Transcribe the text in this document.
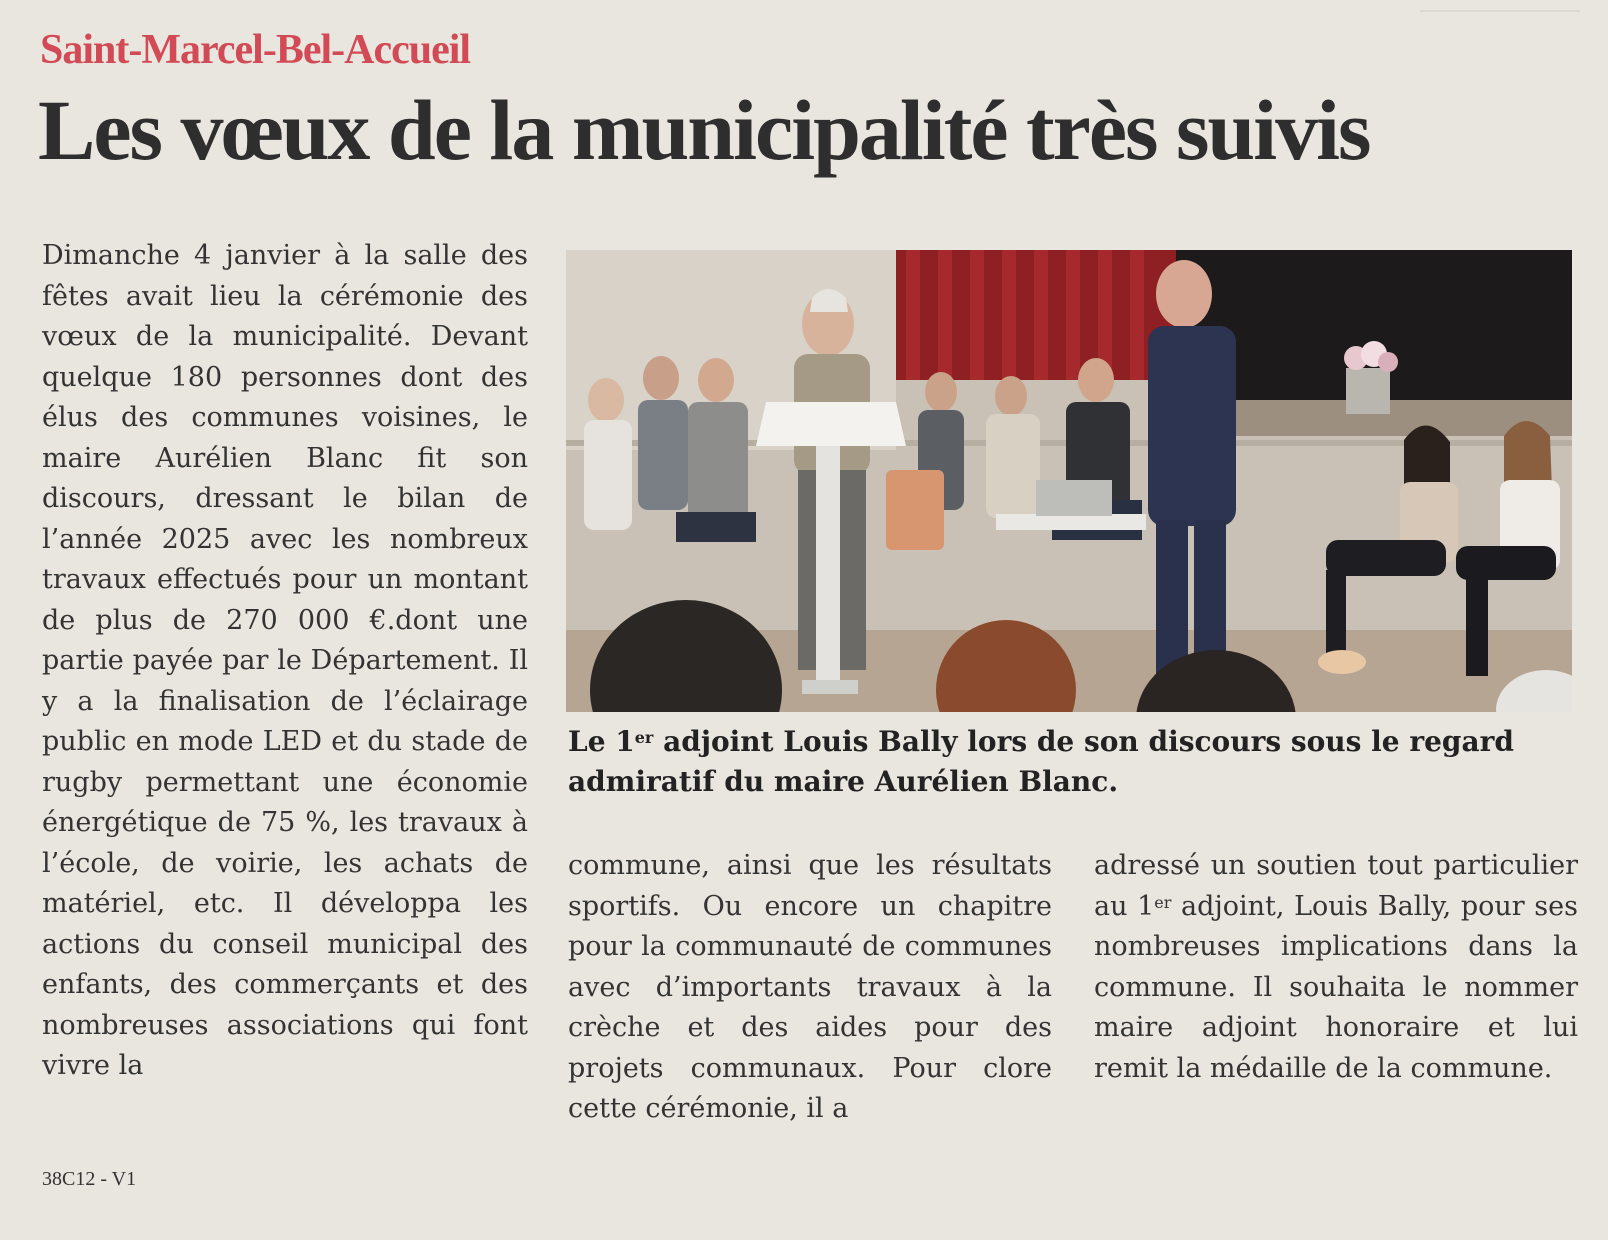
Saint-Marcel-Bel-Accueil
Les vœux de la municipalité très suivis

Dimanche 4 janvier à la salle des fêtes avait lieu la cérémonie des vœux de la municipalité. Devant quelque 180 personnes dont des élus des communes voisines, le maire Aurélien Blanc fit son discours, dressant le bilan de l’année 2025 avec les nombreux travaux effectués pour un montant de plus de 270 000 €.dont une partie payée par le Département. Il y a la finalisation de l’éclairage public en mode LED et du stade de rugby permettant une économie énergétique de 75 %, les travaux à l’école, de voirie, les achats de matériel, etc. Il développa les actions du conseil municipal des enfants, des commerçants et des nombreuses associations qui font vivre la

Le 1er adjoint Louis Bally lors de son discours sous le regard admiratif du maire Aurélien Blanc.

commune, ainsi que les résultats sportifs. Ou encore un chapitre pour la communauté de communes avec d’importants travaux à la crèche et des aides pour des projets communaux. Pour clore cette cérémonie, il a

adressé un soutien tout particulier au 1er adjoint, Louis Bally, pour ses nombreuses implications dans la commune. Il souhaita le nommer maire adjoint honoraire et lui remit la médaille de la commune.

38C12 - V1
